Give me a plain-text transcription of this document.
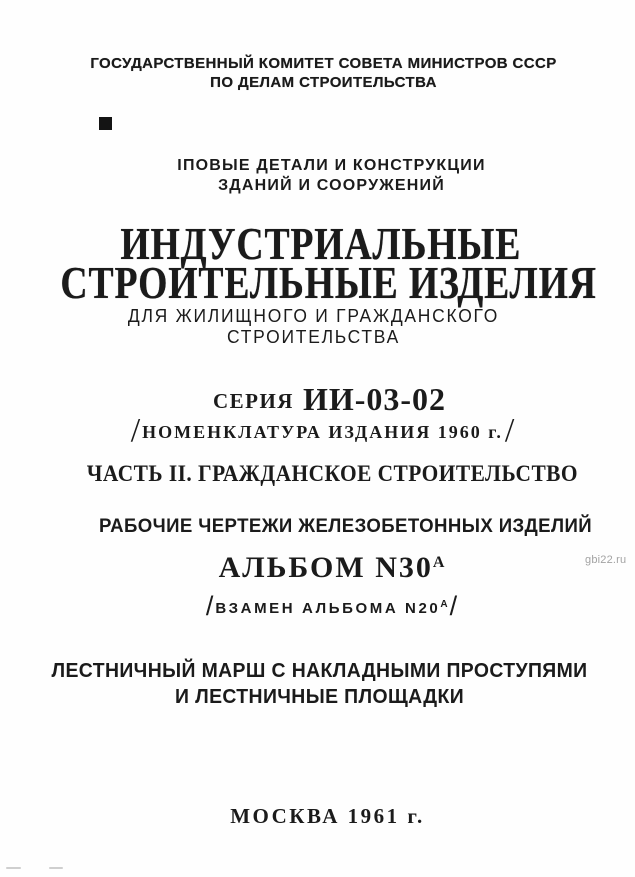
ГОСУДАРСТВЕННЫЙ КОМИТЕТ СОВЕТА МИНИСТРОВ СССР
ПО ДЕЛАМ СТРОИТЕЛЬСТВА
IПОВЫЕ ДЕТАЛИ И КОНСТРУКЦИИ
ЗДАНИЙ И СООРУЖЕНИЙ
ИНДУСТРИАЛЬНЫЕ
СТРОИТЕЛЬНЫЕ ИЗДЕЛИЯ
ДЛЯ ЖИЛИЩНОГО И ГРАЖДАНСКОГО
СТРОИТЕЛЬСТВА
СЕРИЯ ИИ-03-02
/ НОМЕНКЛАТУРА ИЗДАНИЯ 1960 г./
ЧАСТЬ II. ГРАЖДАНСКОЕ СТРОИТЕЛЬСТВО
РАБОЧИЕ ЧЕРТЕЖИ ЖЕЛЕЗОБЕТОННЫХ ИЗДЕЛИЙ
АЛЬБОМ $N30^А$
/ ВЗАМЕН АЛЬБОМА $N20^А/$
gbi22.ru
ЛЕСТНИЧНЫЙ МАРШ С НАКЛАДНЫМИ ПРОСТУПЯМИ
И ЛЕСТНИЧНЫЕ ПЛОЩАДКИ
МОСКВА 1961 г.
